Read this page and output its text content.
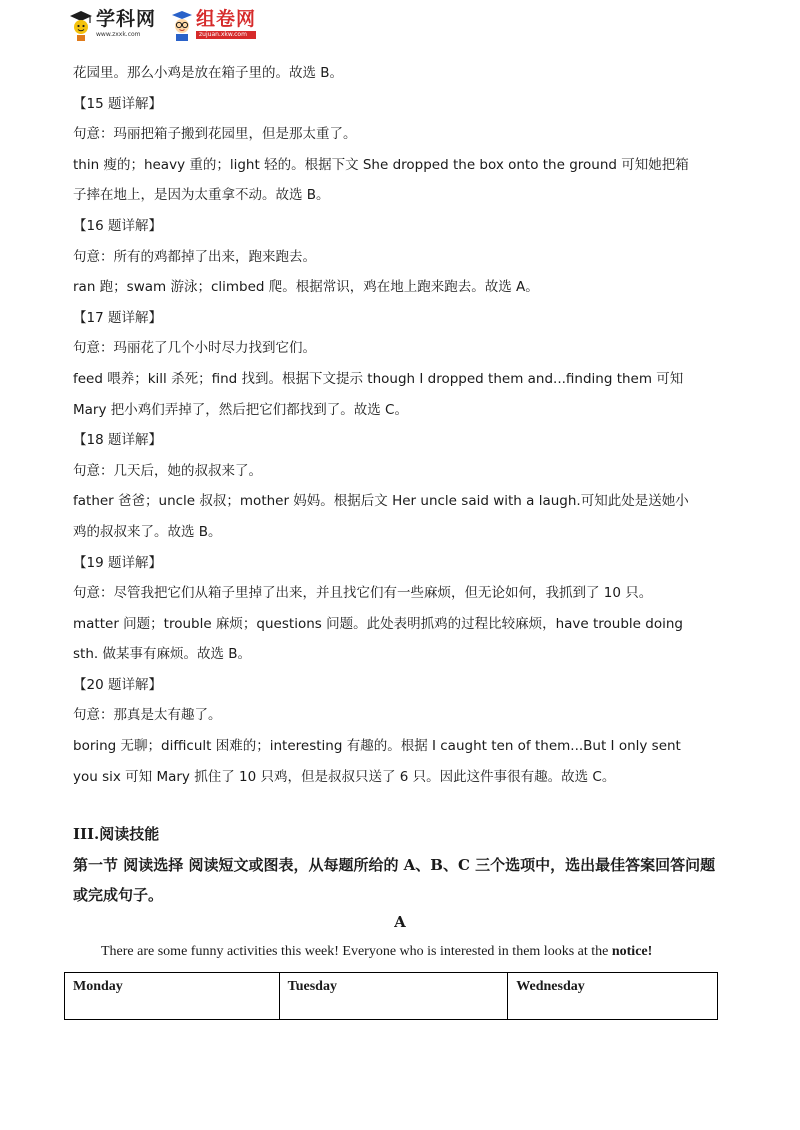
学科网
www.zxxk.com
组卷网
zujuan.xkw.com
花园里。那么小鸡是放在箱子里的。故选 B。
【15 题详解】
句意：玛丽把箱子搬到花园里，但是那太重了。
thin 瘦的；heavy 重的；light 轻的。根据下文 She dropped the box onto the ground 可知她把箱
子摔在地上，是因为太重拿不动。故选 B。
【16 题详解】
句意：所有的鸡都掉了出来，跑来跑去。
ran 跑；swam 游泳；climbed 爬。根据常识，鸡在地上跑来跑去。故选 A。
【17 题详解】
句意：玛丽花了几个小时尽力找到它们。
feed 喂养；kill 杀死；find 找到。根据下文提示 though I dropped them and...finding them 可知
Mary 把小鸡们弄掉了，然后把它们都找到了。故选 C。
【18 题详解】
句意：几天后，她的叔叔来了。
father 爸爸；uncle 叔叔；mother 妈妈。根据后文 Her uncle said with a laugh.可知此处是送她小
鸡的叔叔来了。故选 B。
【19 题详解】
句意：尽管我把它们从箱子里掉了出来，并且找它们有一些麻烦，但无论如何，我抓到了 10 只。
matter 问题；trouble 麻烦；questions 问题。此处表明抓鸡的过程比较麻烦，have trouble doing
sth. 做某事有麻烦。故选 B。
【20 题详解】
句意：那真是太有趣了。
boring 无聊；difficult 困难的；interesting 有趣的。根据 I caught ten of them...But I only sent
you six 可知 Mary 抓住了 10 只鸡，但是叔叔只送了 6 只。因此这件事很有趣。故选 C。
III.阅读技能
第一节 阅读选择 阅读短文或图表，从每题所给的 A、B、C 三个选项中，选出最佳答案回答问题或完成句子。
A
There are some funny activities this week! Everyone who is interested in them looks at the notice!
Monday	Tuesday	Wednesday
